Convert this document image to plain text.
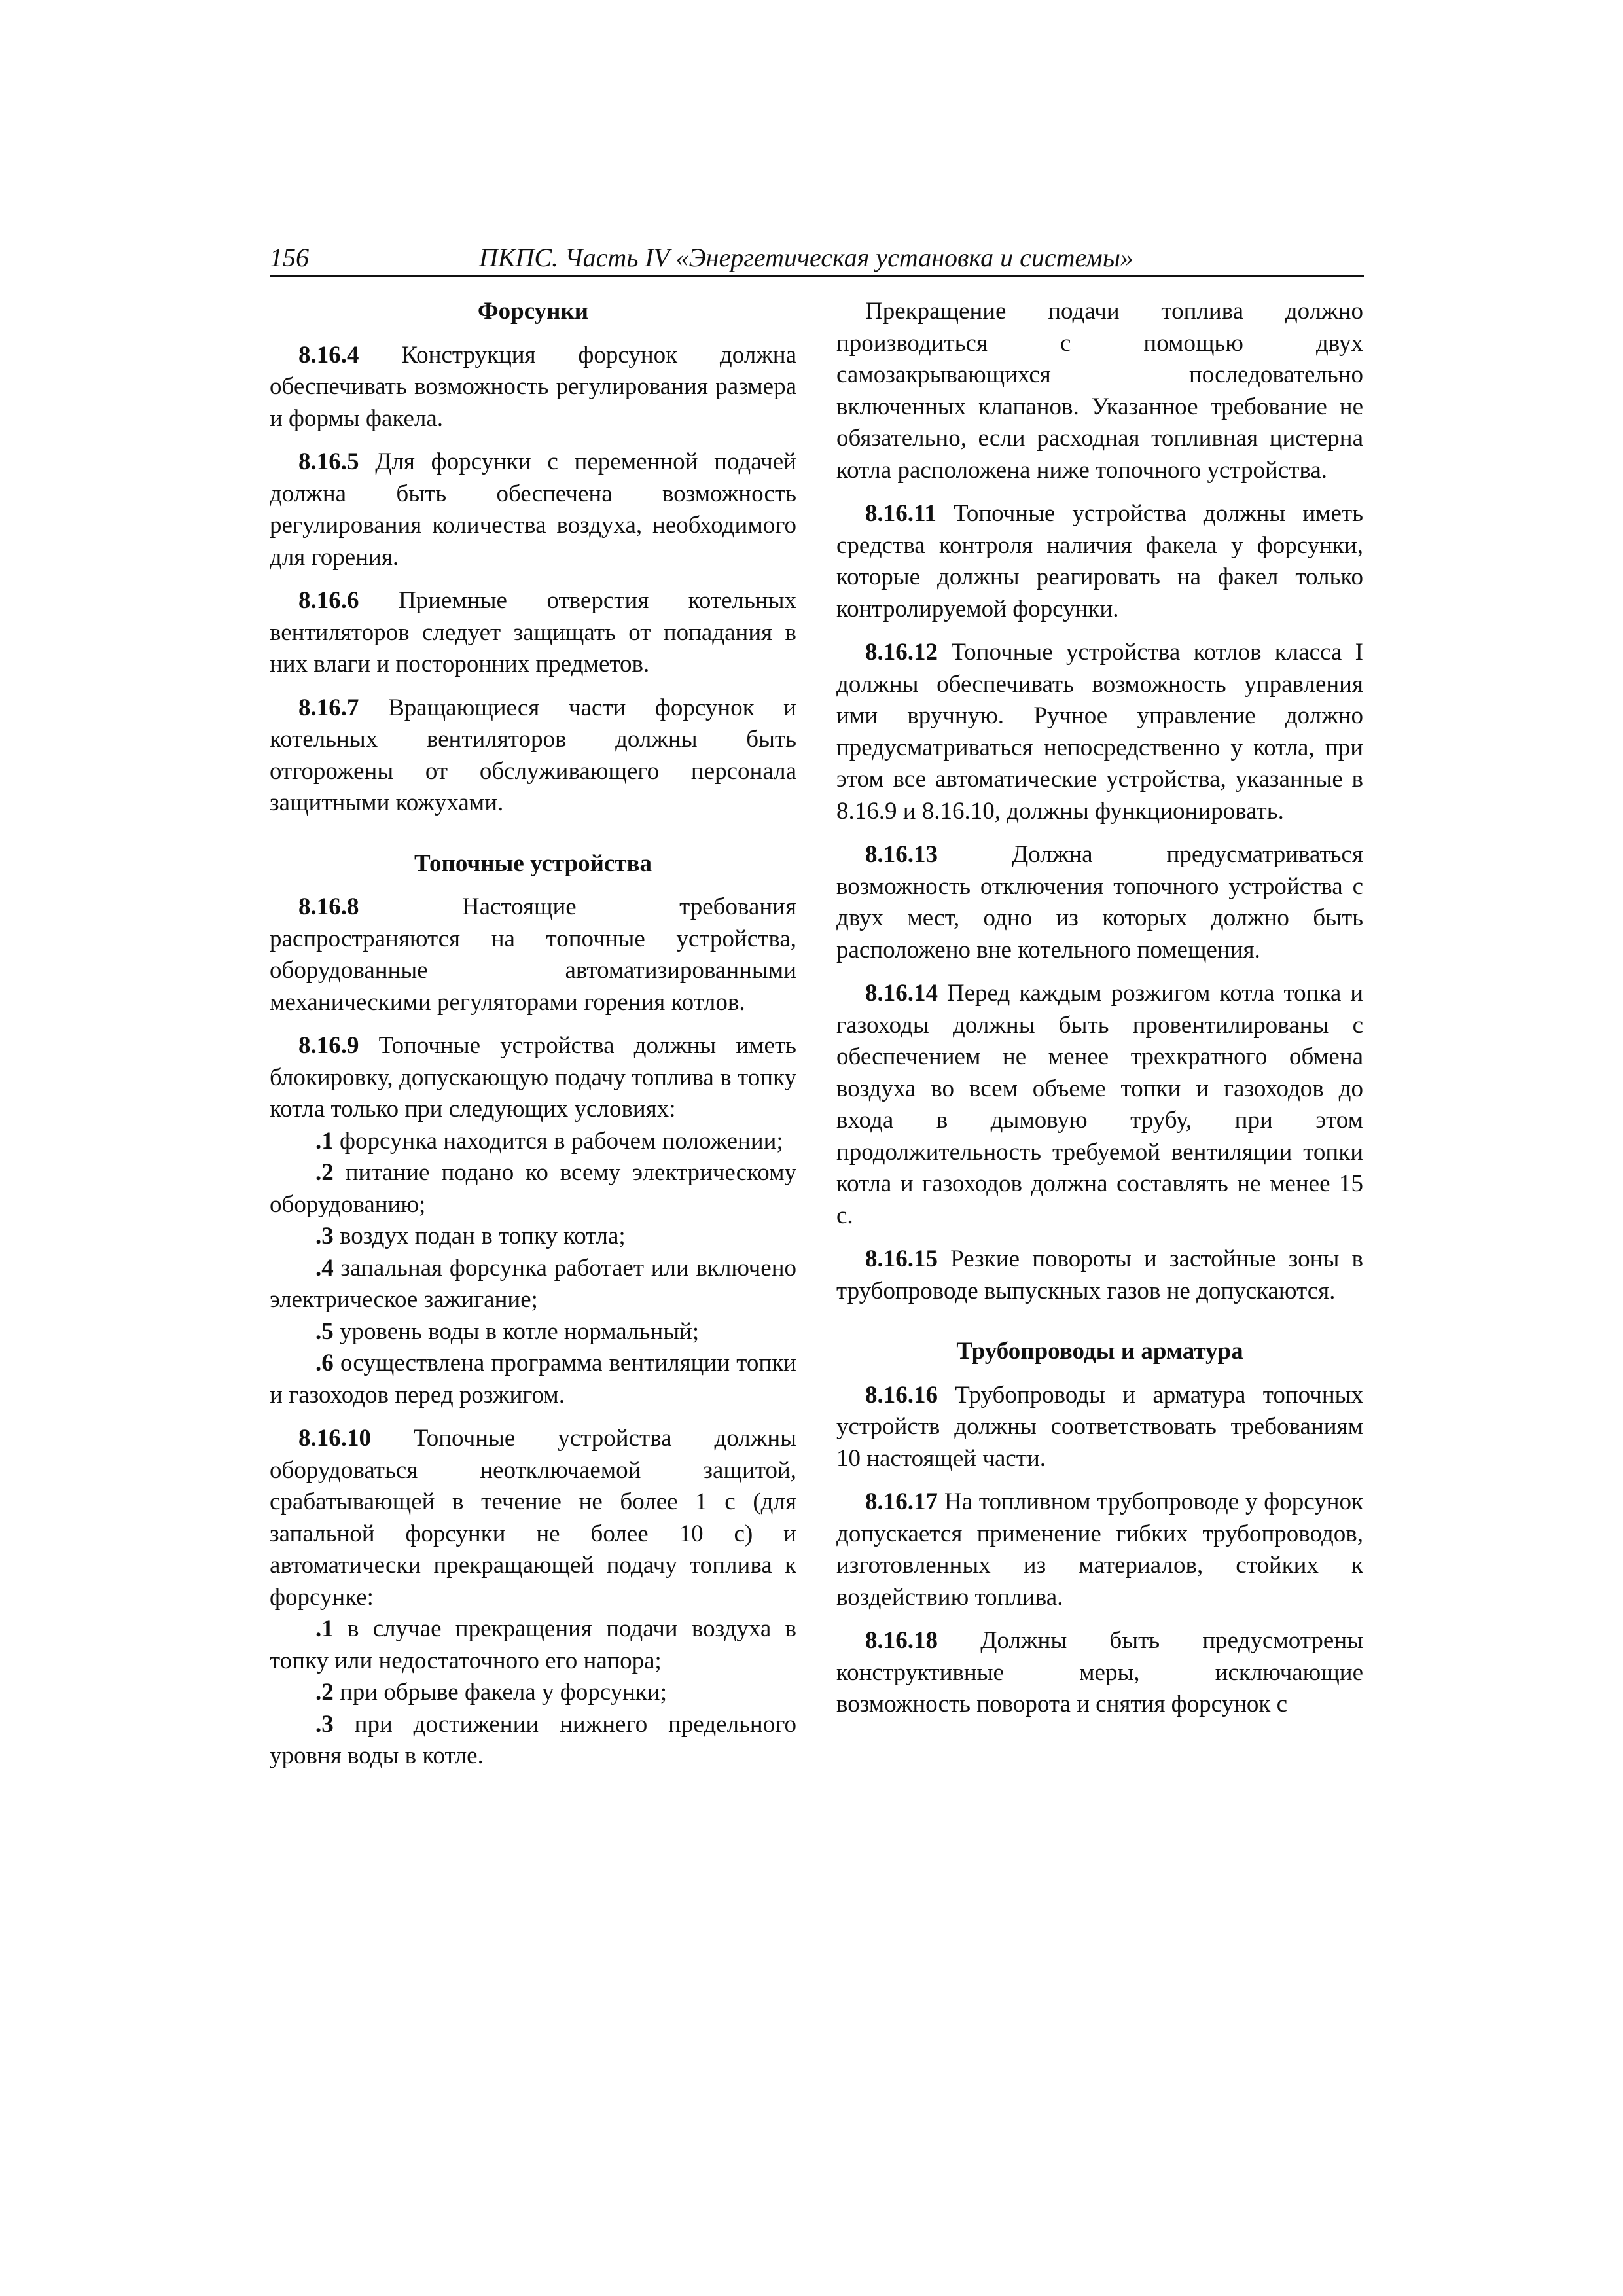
156	ПКПС. Часть IV «Энергетическая установка и системы»
Форсунки

8.16.4 Конструкция форсунок должна обеспечивать возможность регулирования размера и формы факела.

8.16.5 Для форсунки с переменной подачей должна быть обеспечена возможность регулирования количества воздуха, необходимого для горения.

8.16.6 Приемные отверстия котельных вентиляторов следует защищать от попадания в них влаги и посторонних предметов.

8.16.7 Вращающиеся части форсунок и котельных вентиляторов должны быть отгорожены от обслуживающего персонала защитными кожухами.

Топочные устройства

8.16.8 Настоящие требования распространяются на топочные устройства, оборудованные автоматизированными механическими регуляторами горения котлов.

8.16.9 Топочные устройства должны иметь блокировку, допускающую подачу топлива в топку котла только при следующих условиях:

.1 форсунка находится в рабочем положении;

.2 питание подано ко всему электрическому оборудованию;

.3 воздух подан в топку котла;

.4 запальная форсунка работает или включено электрическое зажигание;

.5 уровень воды в котле нормальный;

.6 осуществлена программа вентиляции топки и газоходов перед розжигом.

8.16.10 Топочные устройства должны оборудоваться неотключаемой защитой, срабатывающей в течение не более 1 с (для запальной форсунки не более 10 с) и автоматически прекращающей подачу топлива к форсунке:

.1 в случае прекращения подачи воздуха в топку или недостаточного его напора;

.2 при обрыве факела у форсунки;

.3 при достижении нижнего предельного уровня воды в котле.

Прекращение подачи топлива должно производиться с помощью двух самозакрывающихся последовательно включенных клапанов. Указанное требование не обязательно, если расходная топливная цистерна котла расположена ниже топочного устройства.

8.16.11 Топочные устройства должны иметь средства контроля наличия факела у форсунки, которые должны реагировать на факел только контролируемой форсунки.

8.16.12 Топочные устройства котлов класса I должны обеспечивать возможность управления ими вручную. Ручное управление должно предусматриваться непосредственно у котла, при этом все автоматические устройства, указанные в 8.16.9 и 8.16.10, должны функционировать.

8.16.13 Должна предусматриваться возможность отключения топочного устройства с двух мест, одно из которых должно быть расположено вне котельного помещения.

8.16.14 Перед каждым розжигом котла топка и газоходы должны быть провентилированы с обеспечением не менее трехкратного обмена воздуха во всем объеме топки и газоходов до входа в дымовую трубу, при этом продолжительность требуемой вентиляции топки котла и газоходов должна составлять не менее 15 с.

8.16.15 Резкие повороты и застойные зоны в трубопроводе выпускных газов не допускаются.

Трубопроводы и арматура

8.16.16 Трубопроводы и арматура топочных устройств должны соответствовать требованиям 10 настоящей части.

8.16.17 На топливном трубопроводе у форсунок допускается применение гибких трубопроводов, изготовленных из материалов, стойких к воздействию топлива.

8.16.18 Должны быть предусмотрены конструктивные меры, исключающие возможность поворота и снятия форсунок с
